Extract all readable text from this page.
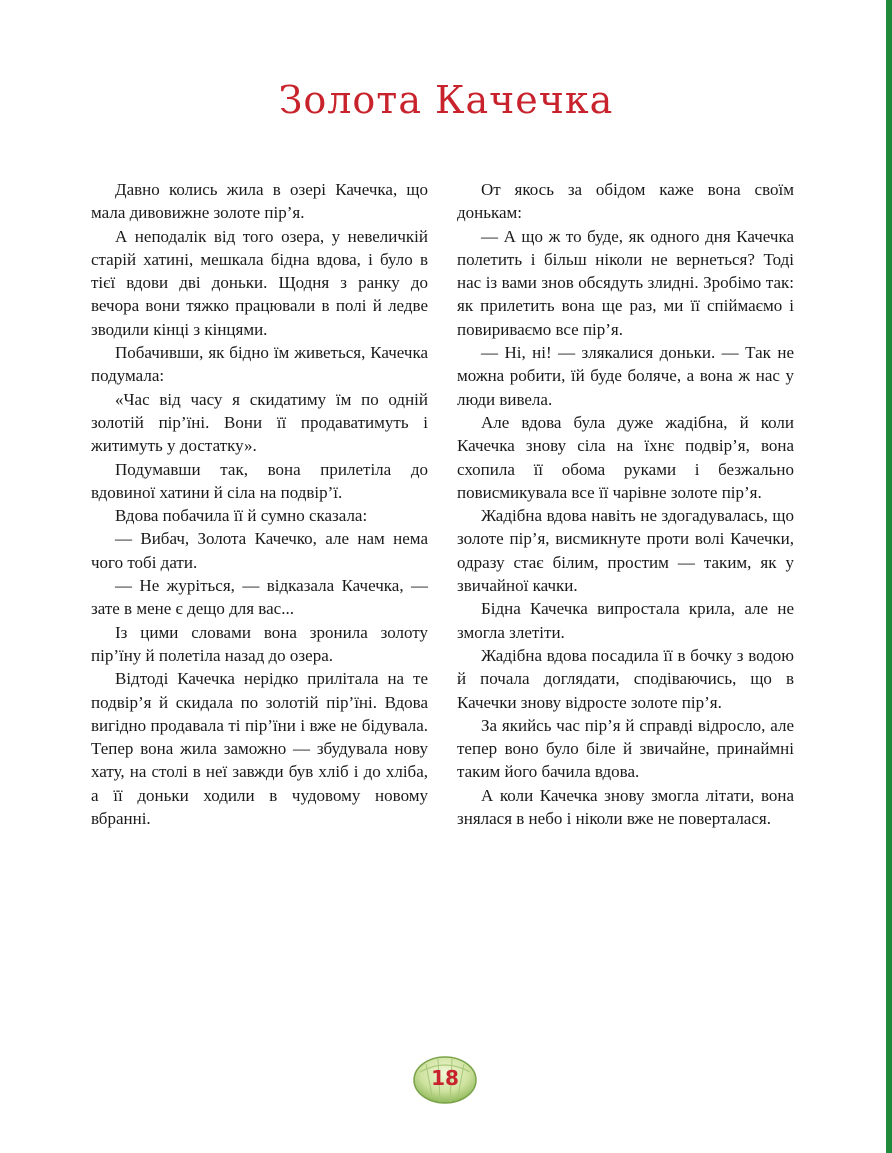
Золота Качечка

Давно колись жила в озері Качечка, що мала дивовижне золоте пір’я.

А неподалік від того озера, у невеличкій старій хатині, мешкала бідна вдова, і було в тієї вдови дві доньки. Щодня з ранку до вечора вони тяжко працювали в полі й ледве зводили кінці з кінцями.

Побачивши, як бідно їм живеться, Качечка подумала:

«Час від часу я скидатиму їм по одній золотій пір’їні. Вони її продаватимуть і житимуть у достатку».

Подумавши так, вона прилетіла до вдовиної хатини й сіла на подвір’ї.

Вдова побачила її й сумно сказала:

— Вибач, Золота Качечко, але нам нема чого тобі дати.

— Не журіться, — відказала Качечка, — зате в мене є дещо для вас...

Із цими словами вона зронила золоту пір’їну й полетіла назад до озера.

Відтоді Качечка нерідко прилітала на те подвір’я й скидала по золотій пір’їні. Вдова вигідно продавала ті пір’їни і вже не бідувала. Тепер вона жила заможно — збудувала нову хату, на столі в неї завжди був хліб і до хліба, а її доньки ходили в чудовому новому вбранні.

От якось за обідом каже вона своїм донькам:

— А що ж то буде, як одного дня Качечка полетить і більш ніколи не вернеться? Тоді нас із вами знов обсядуть злидні. Зробімо так: як прилетить вона ще раз, ми її спіймаємо і повириваємо все пір’я.

— Ні, ні! — злякалися доньки. — Так не можна робити, їй буде боляче, а вона ж нас у люди вивела.

Але вдова була дуже жадібна, й коли Качечка знову сіла на їхнє подвір’я, вона схопила її обома руками і безжально повисмикувала все її чарівне золоте пір’я.

Жадібна вдова навіть не здогадувалась, що золоте пір’я, висмикнуте проти волі Качечки, одразу стає білим, простим — таким, як у звичайної качки.

Бідна Качечка випростала крила, але не змогла злетіти.

Жадібна вдова посадила її в бочку з водою й почала доглядати, сподіваючись, що в Качечки знову відросте золоте пір’я.

За якийсь час пір’я й справді відросло, але тепер воно було біле й звичайне, принаймні таким його бачила вдова.

А коли Качечка знову змогла літати, вона знялася в небо і ніколи вже не поверталася.

18
